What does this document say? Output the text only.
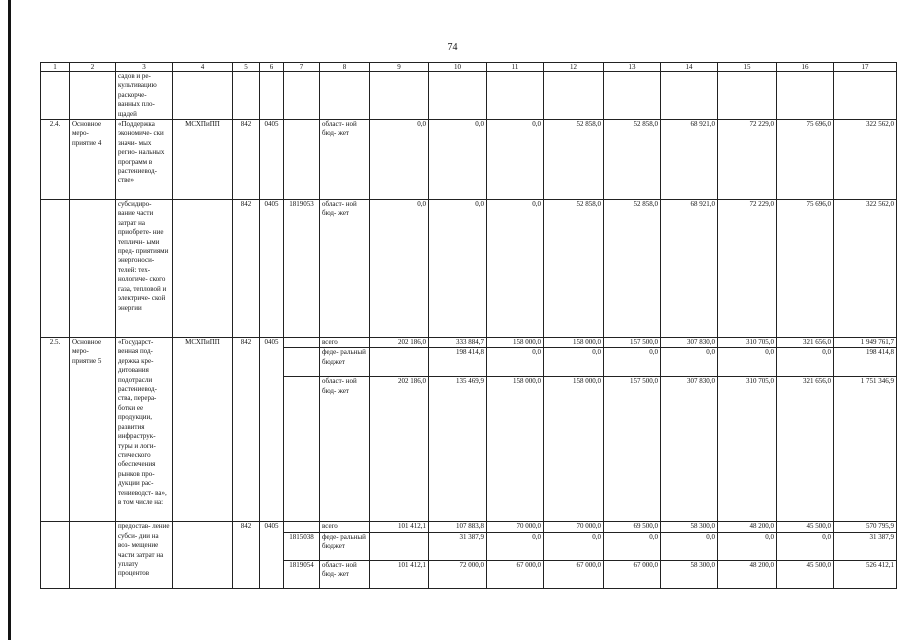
74
1	2	3	4	5	6	7	8	9	10	11	12	13	14	15	16	17
		садов и ре- культивацию раскорче- ванных пло- щадей														
2.4.	Основное меро- приятие 4	«Поддержка экономиче- ски значи- мых регио- нальных программ в растениевод- стве»	МСХПиПП	842	0405		област- ной бюд- жет	0,0	0,0	0,0	52 858,0	52 858,0	68 921,0	72 229,0	75 696,0	322 562,0
		субсидиро- вание части затрат на приобрете- ние тепличн- ыми пред- приятиями энергоноси- телей: тех- нологиче- ского газа, тепловой и электриче- ской энергии		842	0405	1819053	област- ной бюд- жет	0,0	0,0	0,0	52 858,0	52 858,0	68 921,0	72 229,0	75 696,0	322 562,0
2.5.	Основное меро- приятие 5	«Государст- венная под- держка кре- дитования подотрасли растениевод- ства, перера- ботки ее продукции, развития инфраструк- туры и логи- стического обеспечения рынков про- дукции рас- тениеводст- ва», в том числе на:	МСХПиПП	842	0405		всего	202 186,0	333 884,7	158 000,0	158 000,0	157 500,0	307 830,0	310 705,0	321 656,0	1 949 761,7
							феде- ральный бюджет		198 414,8	0,0	0,0	0,0	0,0	0,0	0,0	198 414,8
							област- ной бюд- жет	202 186,0	135 469,9	158 000,0	158 000,0	157 500,0	307 830,0	310 705,0	321 656,0	1 751 346,9
		предостав- ление субси- дии на воз- мещение части затрат на уплату процентов		842	0405		всего	101 412,1	107 883,8	70 000,0	70 000,0	69 500,0	58 300,0	48 200,0	45 500,0	570 795,9
						1815038	феде- ральный бюджет		31 387,9	0,0	0,0	0,0	0,0	0,0	0,0	31 387,9
						1819054	област- ной бюд- жет	101 412,1	72 000,0	67 000,0	67 000,0	67 000,0	58 300,0	48 200,0	45 500,0	526 412,1
